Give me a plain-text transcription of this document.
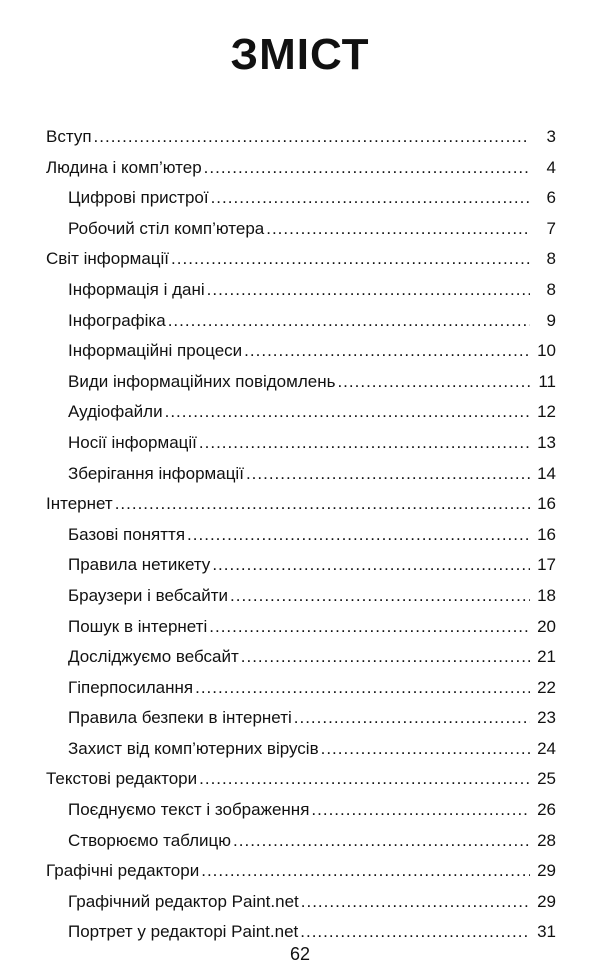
ЗМІСТ
Вступ .....	3
Людина і комп’ютер .....	4
Цифрові пристрої .....	6
Робочий стіл комп’ютера .....	7
Світ інформації .....	8
Інформація і дані .....	8
Інфографіка .....	9
Інформаційні процеси .....	10
Види інформаційних повідомлень .....	11
Аудіофайли .....	12
Носії інформації .....	13
Зберігання інформації .....	14
Інтернет .....	16
Базові поняття .....	16
Правила нетикету .....	17
Браузери і вебсайти .....	18
Пошук в інтернеті .....	20
Досліджуємо вебсайт .....	21
Гіперпосилання .....	22
Правила безпеки в інтернеті .....	23
Захист від комп’ютерних вірусів .....	24
Текстові редактори .....	25
Поєднуємо текст і зображення .....	26
Створюємо таблицю .....	28
Графічні редактори .....	29
Графічний редактор Paint.net .....	29
Портрет у редакторі Paint.net .....	31
62
